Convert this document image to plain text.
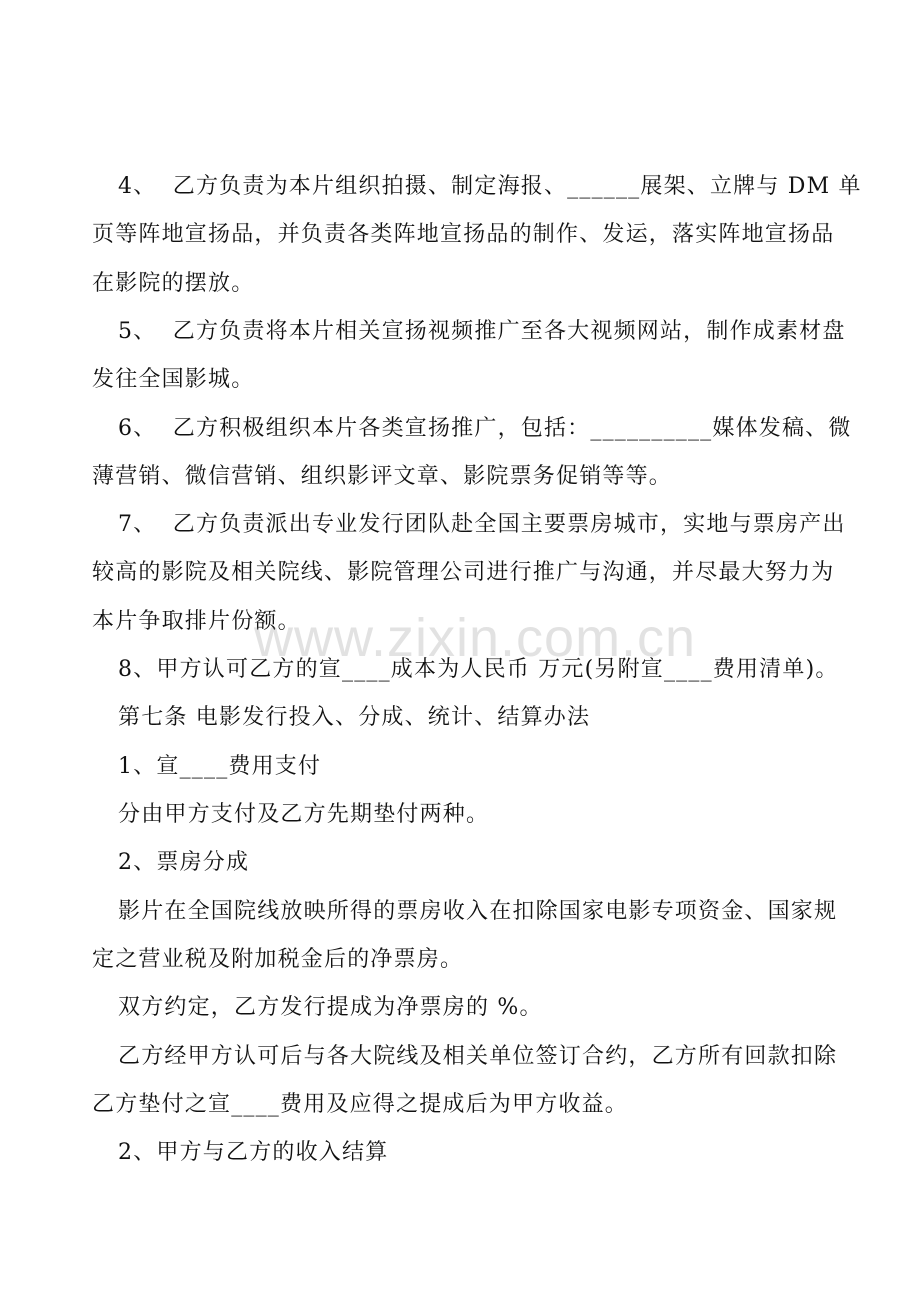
4、  乙方负责为本片组织拍摄、制定海报、______展架、立牌与 DM 单
页等阵地宣扬品，并负责各类阵地宣扬品的制作、发运，落实阵地宣扬品
在影院的摆放。
5、  乙方负责将本片相关宣扬视频推广至各大视频网站，制作成素材盘
发往全国影城。
6、  乙方积极组织本片各类宣扬推广，包括：__________媒体发稿、微
薄营销、微信营销、组织影评文章、影院票务促销等等。
7、  乙方负责派出专业发行团队赴全国主要票房城市，实地与票房产出
较高的影院及相关院线、影院管理公司进行推广与沟通，并尽最大努力为
本片争取排片份额。
8、甲方认可乙方的宣____成本为人民币 万元(另附宣____费用清单)。
第七条 电影发行投入、分成、统计、结算办法
1、宣____费用支付
分由甲方支付及乙方先期垫付两种。
2、票房分成
影片在全国院线放映所得的票房收入在扣除国家电影专项资金、国家规
定之营业税及附加税金后的净票房。
双方约定，乙方发行提成为净票房的 %。
乙方经甲方认可后与各大院线及相关单位签订合约，乙方所有回款扣除
乙方垫付之宣____费用及应得之提成后为甲方收益。
2、甲方与乙方的收入结算
www.zixin.com.cn
